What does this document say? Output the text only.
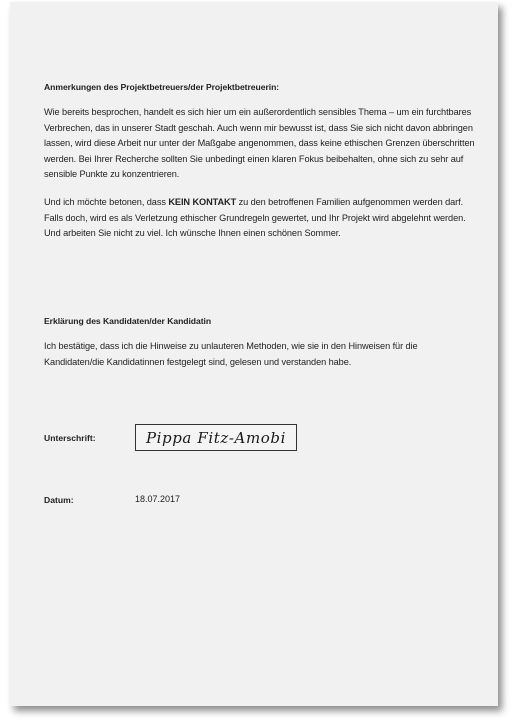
Anmerkungen des Projektbetreuers/der Projektbetreuerin:

Wie bereits besprochen, handelt es sich hier um ein außerordentlich sensibles Thema – um ein furchtbares Verbrechen, das in unserer Stadt geschah. Auch wenn mir bewusst ist, dass Sie sich nicht davon abbringen lassen, wird diese Arbeit nur unter der Maßgabe angenommen, dass keine ethischen Grenzen überschritten werden. Bei Ihrer Recherche sollten Sie unbedingt einen klaren Fokus beibehalten, ohne sich zu sehr auf sensible Punkte zu konzentrieren.

Und ich möchte betonen, dass KEIN KONTAKT zu den betroffenen Familien aufgenommen werden darf. Falls doch, wird es als Verletzung ethischer Grundregeln gewertet, und Ihr Projekt wird abgelehnt werden. Und arbeiten Sie nicht zu viel. Ich wünsche Ihnen einen schönen Sommer.

Erklärung des Kandidaten/der Kandidatin

Ich bestätige, dass ich die Hinweise zu unlauteren Methoden, wie sie in den Hinweisen für die Kandidaten/die Kandidatinnen festgelegt sind, gelesen und verstanden habe.

Unterschrift:	Pippa Fitz-Amobi
Datum:	18.07.2017
